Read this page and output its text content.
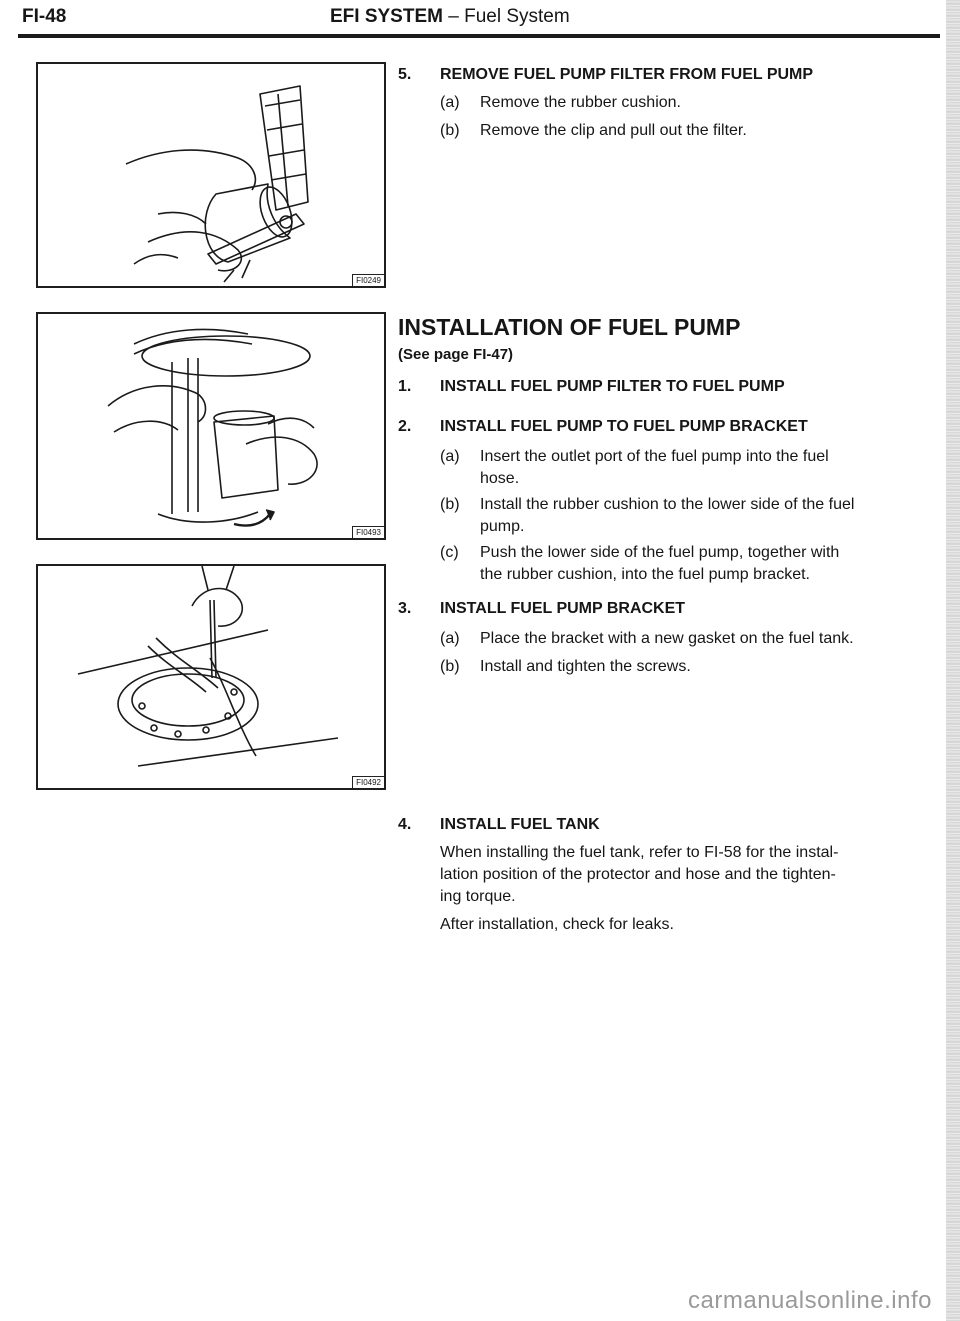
FI-48	EFI SYSTEM – Fuel System
FI0249
FI0493
FI0492
5. REMOVE FUEL PUMP FILTER FROM FUEL PUMP
(a)	Remove the rubber cushion.
(b)	Remove the clip and pull out the filter.
INSTALLATION OF FUEL PUMP
(See page FI-47)
1. INSTALL FUEL PUMP FILTER TO FUEL PUMP
2. INSTALL FUEL PUMP TO FUEL PUMP BRACKET
(a)	Insert the outlet port of the fuel pump into the fuel
hose.
(b)	Install the rubber cushion to the lower side of the fuel
pump.
(c)	Push the lower side of the fuel pump, together with
the rubber cushion, into the fuel pump bracket.
3. INSTALL FUEL PUMP BRACKET
(a)	Place the bracket with a new gasket on the fuel tank.
(b)	Install and tighten the screws.
4. INSTALL FUEL TANK
When installing the fuel tank, refer to FI-58 for the instal-
lation position of the protector and hose and the tighten-
ing torque.
After installation, check for leaks.
carmanualsonline.info
